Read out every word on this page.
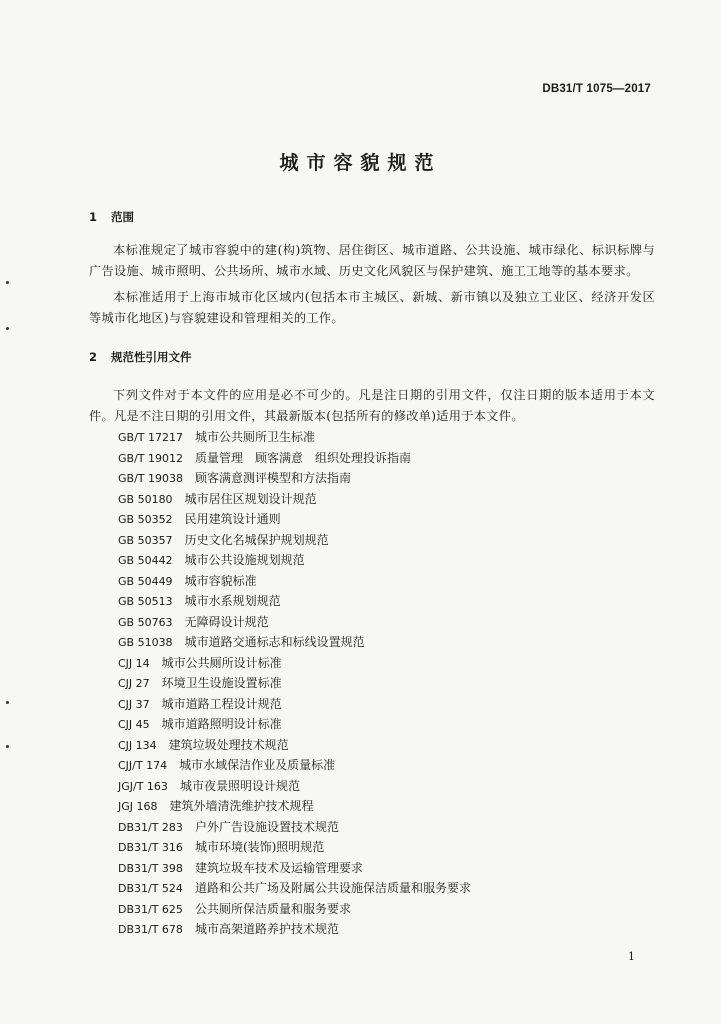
DB31/T 1075—2017
城市容貌规范
1 范围
本标准规定了城市容貌中的建(构)筑物、居住街区、城市道路、公共设施、城市绿化、标识标牌与广告设施、城市照明、公共场所、城市水域、历史文化风貌区与保护建筑、施工工地等的基本要求。
本标准适用于上海市城市化区域内(包括本市主城区、新城、新市镇以及独立工业区、经济开发区等城市化地区)与容貌建设和管理相关的工作。
2 规范性引用文件
下列文件对于本文件的应用是必不可少的。凡是注日期的引用文件，仅注日期的版本适用于本文件。凡是不注日期的引用文件，其最新版本(包括所有的修改单)适用于本文件。
GB/T 17217 城市公共厕所卫生标准
GB/T 19012 质量管理　顾客满意　组织处理投诉指南
GB/T 19038 顾客满意测评模型和方法指南
GB 50180 城市居住区规划设计规范
GB 50352 民用建筑设计通则
GB 50357 历史文化名城保护规划规范
GB 50442 城市公共设施规划规范
GB 50449 城市容貌标准
GB 50513 城市水系规划规范
GB 50763 无障碍设计规范
GB 51038 城市道路交通标志和标线设置规范
CJJ 14 城市公共厕所设计标准
CJJ 27 环境卫生设施设置标准
CJJ 37 城市道路工程设计规范
CJJ 45 城市道路照明设计标准
CJJ 134 建筑垃圾处理技术规范
CJJ/T 174 城市水域保洁作业及质量标准
JGJ/T 163 城市夜景照明设计规范
JGJ 168 建筑外墙清洗维护技术规程
DB31/T 283 户外广告设施设置技术规范
DB31/T 316 城市环境(装饰)照明规范
DB31/T 398 建筑垃圾车技术及运输管理要求
DB31/T 524 道路和公共广场及附属公共设施保洁质量和服务要求
DB31/T 625 公共厕所保洁质量和服务要求
DB31/T 678 城市高架道路养护技术规范
1
